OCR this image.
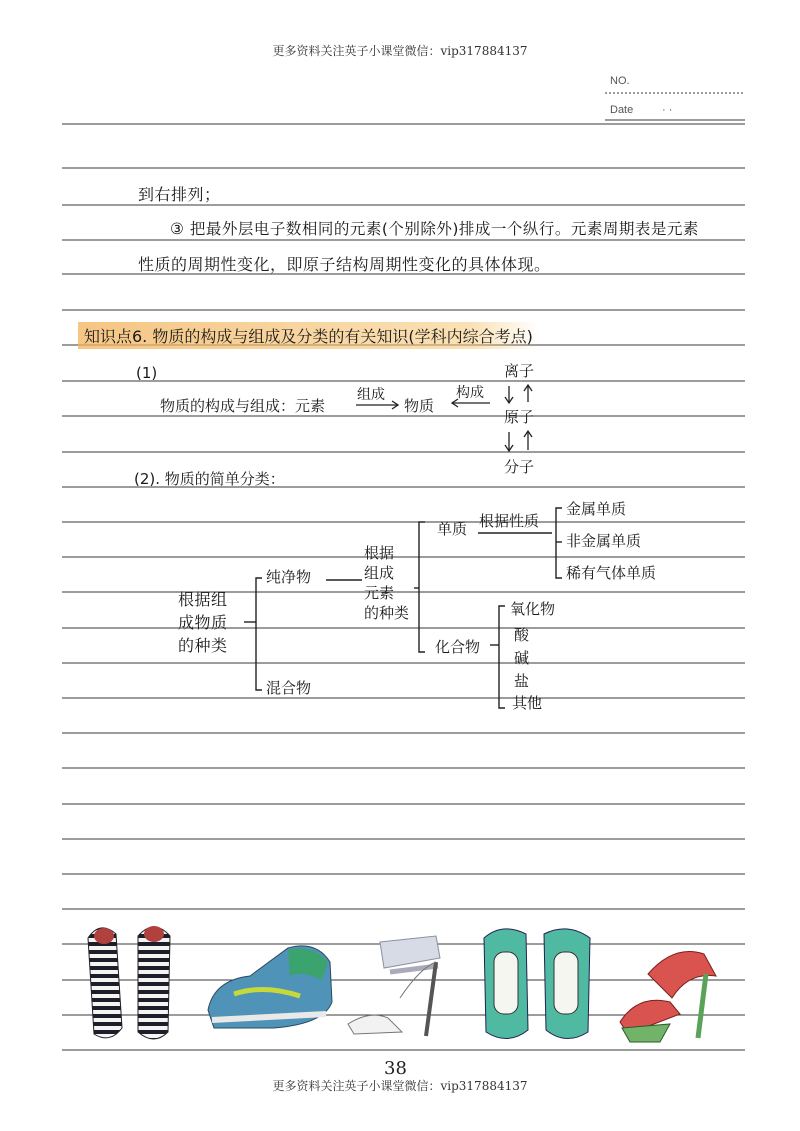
更多资料关注英子小课堂微信：vip317884137
NO.
Date	· ·
到右排列；
③ 把最外层电子数相同的元素(个别除外)排成一个纵行。元素周期表是元素
性质的周期性变化，即原子结构周期性变化的具体体现。
知识点6. 物质的构成与组成及分类的有关知识(学科内综合考点)
(1)
物质的构成与组成：元素
组成
物质
构成
离子
原子
分子
(2). 物质的简单分类：
根据组
成物质
的种类
纯净物
混合物
根据
组成
元素
的种类
单质 根据性质
金属单质
非金属单质
稀有气体单质
化合物
氧化物
酸
碱
盐
其他
38
更多资料关注英子小课堂微信：vip317884137
